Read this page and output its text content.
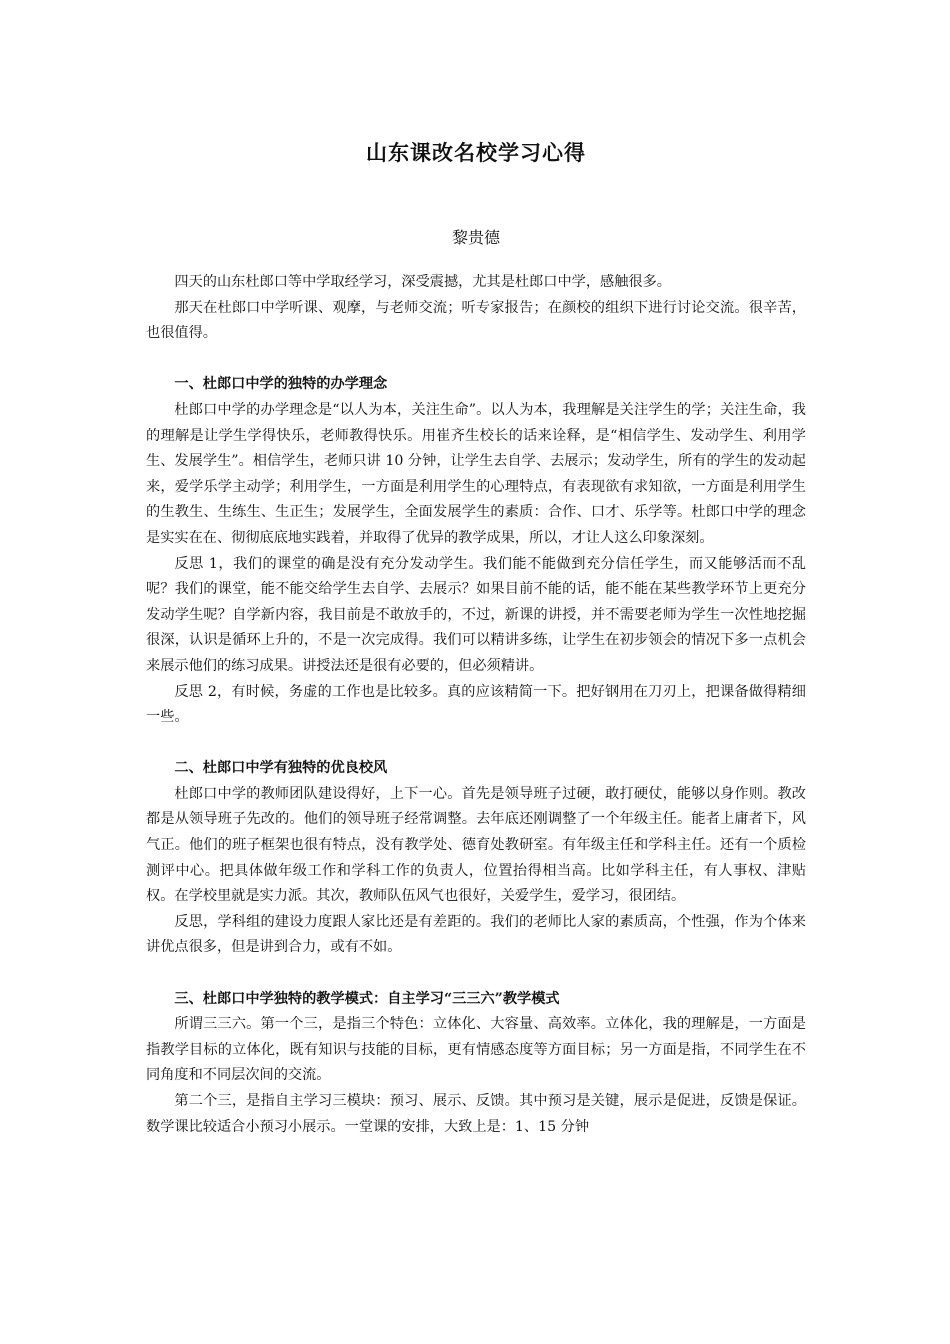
山东课改名校学习心得
黎贵德

四天的山东杜郎口等中学取经学习，深受震撼，尤其是杜郎口中学，感触很多。

那天在杜郎口中学听课、观摩，与老师交流；听专家报告；在颜校的组织下进行讨论交流。很辛苦，也很值得。

一、杜郎口中学的独特的办学理念

杜郎口中学的办学理念是“以人为本，关注生命”。以人为本，我理解是关注学生的学；关注生命，我的理解是让学生学得快乐，老师教得快乐。用崔齐生校长的话来诠释，是“相信学生、发动学生、利用学生、发展学生”。相信学生，老师只讲 10 分钟，让学生去自学、去展示；发动学生，所有的学生的发动起来，爱学乐学主动学；利用学生，一方面是利用学生的心理特点，有表现欲有求知欲，一方面是利用学生的生教生、生练生、生正生；发展学生，全面发展学生的素质：合作、口才、乐学等。杜郎口中学的理念是实实在在、彻彻底底地实践着，并取得了优异的教学成果，所以，才让人这么印象深刻。

反思 1，我们的课堂的确是没有充分发动学生。我们能不能做到充分信任学生，而又能够活而不乱呢？我们的课堂，能不能交给学生去自学、去展示？如果目前不能的话，能不能在某些教学环节上更充分发动学生呢？自学新内容，我目前是不敢放手的，不过，新课的讲授，并不需要老师为学生一次性地挖掘很深，认识是循环上升的，不是一次完成得。我们可以精讲多练，让学生在初步领会的情况下多一点机会来展示他们的练习成果。讲授法还是很有必要的，但必须精讲。

反思 2，有时候，务虚的工作也是比较多。真的应该精简一下。把好钢用在刀刃上，把课备做得精细一些。

二、杜郎口中学有独特的优良校风

杜郎口中学的教师团队建设得好，上下一心。首先是领导班子过硬，敢打硬仗，能够以身作则。教改都是从领导班子先改的。他们的领导班子经常调整。去年底还刚调整了一个年级主任。能者上庸者下，风气正。他们的班子框架也很有特点，没有教学处、德育处教研室。有年级主任和学科主任。还有一个质检测评中心。把具体做年级工作和学科工作的负责人，位置抬得相当高。比如学科主任，有人事权、津贴权。在学校里就是实力派。其次，教师队伍风气也很好，关爱学生，爱学习，很团结。

反思，学科组的建设力度跟人家比还是有差距的。我们的老师比人家的素质高，个性强，作为个体来讲优点很多，但是讲到合力，或有不如。

三、杜郎口中学独特的教学模式：自主学习“三三六”教学模式

所谓三三六。第一个三，是指三个特色：立体化、大容量、高效率。立体化，我的理解是，一方面是指教学目标的立体化，既有知识与技能的目标，更有情感态度等方面目标；另一方面是指，不同学生在不同角度和不同层次间的交流。

第二个三，是指自主学习三模块：预习、展示、反馈。其中预习是关键，展示是促进，反馈是保证。数学课比较适合小预习小展示。一堂课的安排，大致上是：1、15 分钟
